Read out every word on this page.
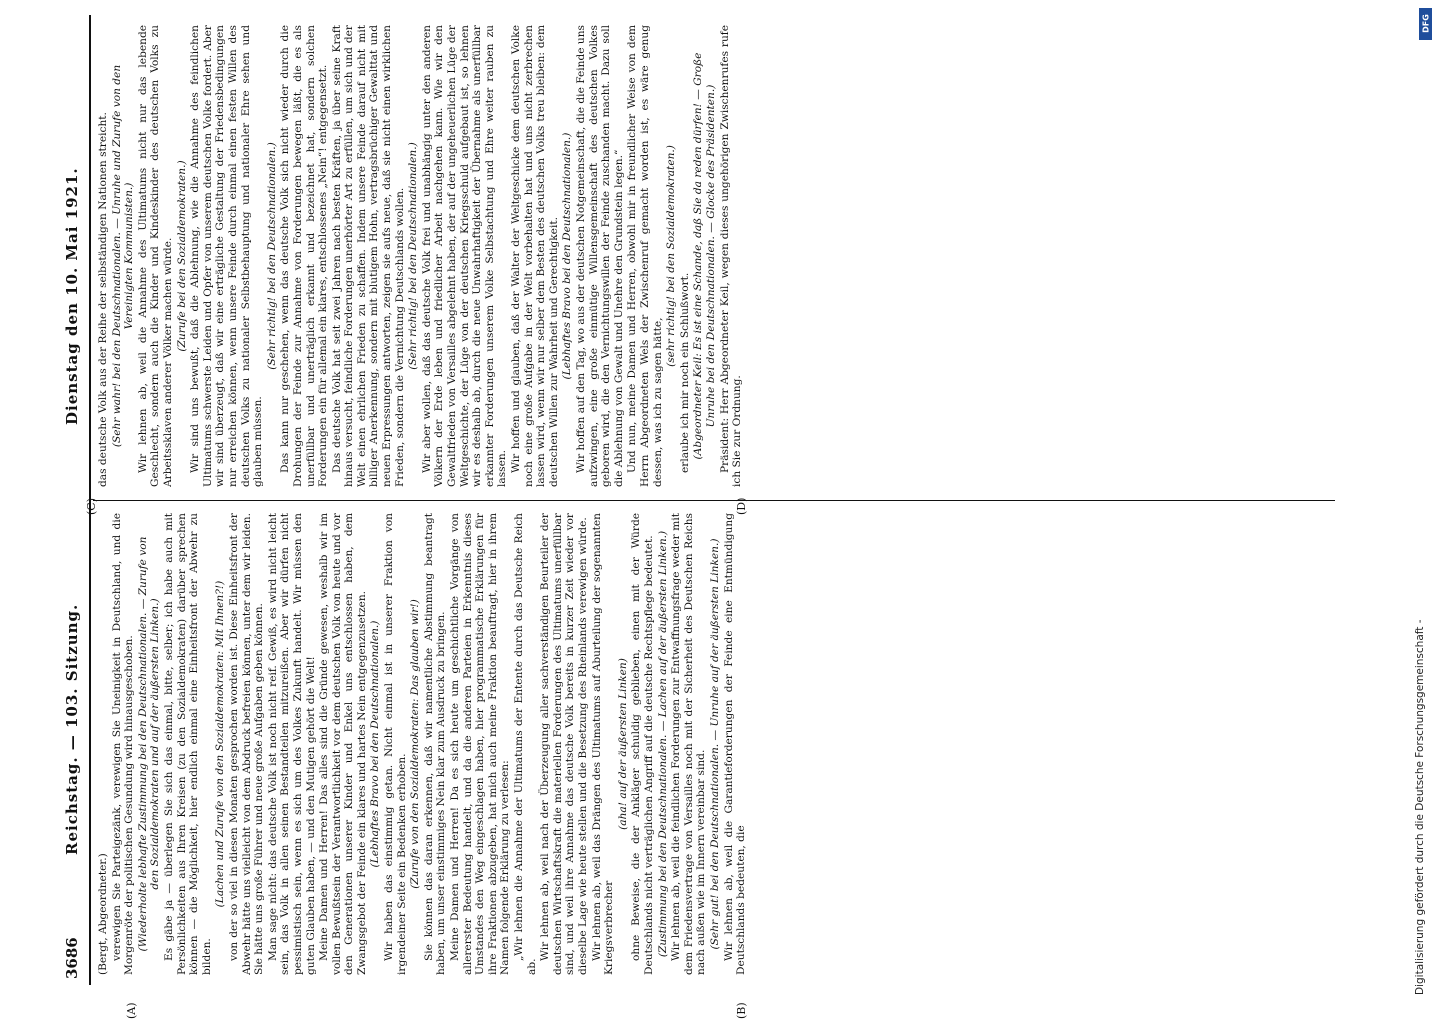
3686
Reichstag. — 103. Sitzung.
Dienstag den 10. Mai 1921.

(Bergt, Abgeordneter.) verewigen Sie Parteigezänk, verewigen Sie Uneinigkeit in Deutschland, und die Morgenröte der politischen Gesundung wird hinausgeschoben. (Wiederholte lebhafte Zustimmung bei den Deutschnationalen. — Zurufe von den Sozialdemokraten und auf der äußersten Linken.) Es gäbe ja — überlegen Sie sich das einmal, bitte, selber; ich habe auch mit Persönlichkeiten aus Ihren Kreisen (zu den Sozialdemokraten) darüber sprechen können — die Möglichkeit, hier endlich einmal eine Einheitsfront der Abwehr zu bilden.

(Lachen und Zurufe von den Sozialdemokraten: Mit Ihnen?!) von der so viel in diesen Monaten gesprochen worden ist. Diese Einheitsfront der Abwehr hätte uns vielleicht von dem Abdruck befreien können, unter dem wir leiden. Sie hätte uns große Führer und neue große Aufgaben geben können. Man sage nicht: das deutsche Volk ist noch nicht reif. Gewiß, es wird nicht leicht sein, das Volk in allen seinen Bestandteilen mitzureißen. Aber wir dürfen nicht pessimistisch sein, wenn es sich um des Volkes Zukunft handelt. Wir müssen den guten Glauben haben, — und den Mutigen gehört die Welt! Meine Damen und Herren! Das alles sind die Gründe gewesen, weshalb wir im vollen Bewußtsein der Verantwortlichkeit vor dem deutschen Volk von heute und vor den Generationen unserer Kinder und Enkel uns entschlossen haben, dem Zwangsgebot der Feinde ein klares und hartes Nein entgegenzusetzen. (Lebhaftes Bravo bei den Deutschnationalen.) Wir haben das einstimmig getan. Nicht einmal ist in unserer Fraktion von irgendeiner Seite ein Bedenken erhoben. (Zurufe von den Sozialdemokraten: Das glauben wir!) Sie können das daran erkennen, daß wir namentliche Abstimmung beantragt haben, um unser einstimmiges Nein klar zum Ausdruck zu bringen. Meine Damen und Herren! Da es sich heute um geschichtliche Vorgänge von allererster Bedeutung handelt, und da die anderen Parteien in Erkenntnis dieses Umstandes den Weg eingeschlagen haben, hier programmatische Erklärungen für ihre Fraktionen abzugeben, hat mich auch meine Fraktion beauftragt, hier in ihrem Namen folgende Erklärung zu verlesen: „Wir lehnen die Annahme der Ultimatums der Entente durch das Deutsche Reich ab.

Wir lehnen ab, weil nach der Überzeugung aller sachverständigen Beurteiler der deutschen Wirtschaftskraft die materiellen Forderungen des Ultimatums unerfüllbar sind, und weil ihre Annahme das deutsche Volk bereits in kurzer Zeit wieder vor dieselbe Lage wie heute stellen und die Besetzung des Rheinlands verewigen würde. Wir lehnen ab, weil das Drängen des Ultimatums auf Aburteilung der sogenannten Kriegsverbrecher

(aha! auf der äußersten Linken) ohne Beweise, die der Ankläger schuldig geblieben, einen mit der Würde Deutschlands nicht verträglichen Angriff auf die deutsche Rechtspflege bedeutet. (Zustimmung bei den Deutschnationalen. — Lachen auf der äußersten Linken.) Wir lehnen ab, weil die feindlichen Forderungen zur Entwaffnungsfrage weder mit dem Friedensvertrage von Versailles noch mit der Sicherheit des Deutschen Reichs nach außen wie im Innern vereinbar sind. (Sehr gut! bei den Deutschnationalen. — Unruhe auf der äußersten Linken.) Wir lehnen ab, weil die Garantieforderungen der Feinde eine Entmündigung Deutschlands bedeuten, die

das deutsche Volk aus der Reihe der selbständigen Nationen streicht. (Sehr wahr! bei den Deutschnationalen. — Unruhe und Zurufe von den Vereinigten Kommunisten.) Wir lehnen ab, weil die Annahme des Ultimatums nicht nur das lebende Geschlecht, sondern auch die Kinder und Kindeskinder des deutschen Volks zu Arbeitssklaven anderer Völker machen würde. (Zurufe bei den Sozialdemokraten.) Wir sind uns bewußt, daß die Ablehnung, wie die Annahme des feindlichen Ultimatums schwerste Leiden und Opfer von unserem deutschen Volke fordert. Aber wir sind überzeugt, daß wir eine erträgliche Gestaltung der Friedensbedingungen nur erreichen können, wenn unsere Feinde durch einmal einen festen Willen des deutschen Volks zu nationaler Selbstbehauptung und nationaler Ehre sehen und glauben müssen.

(Sehr richtig! bei den Deutschnationalen.) Das kann nur geschehen, wenn das deutsche Volk sich nicht wieder durch die Drohungen der Feinde zur Annahme von Forderungen bewegen läßt, die es als unerfüllbar und unerträglich erkannt und bezeichnet hat, sondern solchen Forderungen ein für allemal ein klares, entschlossenes „Nein“! entgegensetzt. Das deutsche Volk hat seit zwei Jahren nach besten Kräften, ja über seine Kraft hinaus versucht, feindliche Forderungen unerhörter Art zu erfüllen, um sich und der Welt einen ehrlichen Frieden zu schaffen. Indem unsere Feinde darauf nicht mit billiger Anerkennung, sondern mit blutigem Hohn, vertragsbrüchiger Gewalttat und neuen Erpressungen antworten, zeigen sie aufs neue, daß sie nicht einen wirklichen Frieden, sondern die Vernichtung Deutschlands wollen. (Sehr richtig! bei den Deutschnationalen.) Wir aber wollen, daß das deutsche Volk frei und unabhängig unter den anderen Völkern der Erde leben und friedlicher Arbeit nachgehen kann. Wie wir den Gewaltfrieden von Versailles abgelehnt haben, der auf der ungeheuerlichen Lüge der Weltgeschichte, der Lüge von der deutschen Kriegsschuld aufgebaut ist, so lehnen wir es deshalb ab, durch die neue Unwahrhaftigkeit der Übernahme als unerfüllbar erkannter Forderungen unserem Volke Selbstachtung und Ehre weiter rauben zu lassen. Wir hoffen und glauben, daß der Walter der Weltgeschicke dem deutschen Volke noch eine große Aufgabe in der Welt vorbehalten hat und uns nicht zerbrechen lassen wird, wenn wir nur selber dem Besten des deutschen Volks treu bleiben: dem deutschen Willen zur Wahrheit und Gerechtigkeit. (Lebhaftes Bravo bei den Deutschnationalen.) Wir hoffen auf den Tag, wo aus der deutschen Notgemeinschaft, die die Feinde uns aufzwingen, eine große einmütige Willensgemeinschaft des deutschen Volkes geboren wird, die den Vernichtungswillen der Feinde zuschanden macht. Dazu soll die Ablehnung von Gewalt und Unehre den Grundstein legen.“ Und nun, meine Damen und Herren, obwohl mir in freundlicher Weise von dem Herrn Abgeordneten Wels der Zwischenruf gemacht worden ist, es wäre genug dessen, was ich zu sagen hätte,

(sehr richtig! bei den Sozialdemokraten.)

erlaube ich mir noch ein Schlußwort. (Abgeordneter Keil: Es ist eine Schande, daß Sie da reden dürfen! — Große Unruhe bei den Deutschnationalen. — Glocke des Präsidenten.) Präsident: Herr Abgeordneter Keil, wegen dieses ungehörigen Zwischenrufes rufe ich Sie zur Ordnung.

(A)	(B)
(C)	(D)
Digitalisierung gefördert durch die Deutsche Forschungsgemeinschaft -
DFG
